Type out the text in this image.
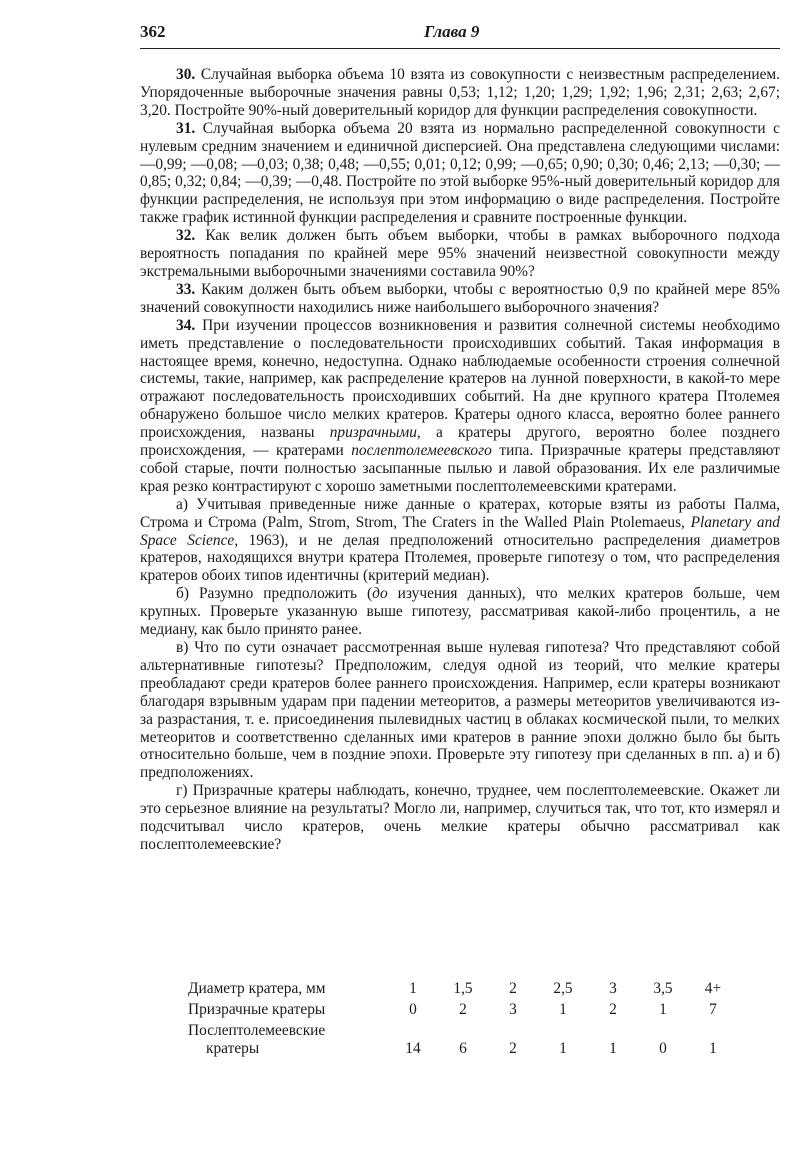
362	Глава 9

30. Случайная выборка объема 10 взята из совокупности с неизвестным распределением. Упорядоченные выборочные значения равны 0,53; 1,12; 1,20; 1,29; 1,92; 1,96; 2,31; 2,63; 2,67; 3,20. Постройте 90%-ный доверительный коридор для функции распределения совокупности.

31. Случайная выборка объема 20 взята из нормально распределенной совокупности с нулевым средним значением и единичной дисперсией. Она представлена следующими числами: —0,99; —0,08; —0,03; 0,38; 0,48; —0,55; 0,01; 0,12; 0,99; —0,65; 0,90; 0,30; 0,46; 2,13; —0,30; —0,85; 0,32; 0,84; —0,39; —0,48. Постройте по этой выборке 95%-ный доверительный коридор для функции распределения, не используя при этом информацию о виде распределения. Постройте также график истинной функции распределения и сравните построенные функции.

32. Как велик должен быть объем выборки, чтобы в рамках выборочного подхода вероятность попадания по крайней мере 95% значений неизвестной совокупности между экстремальными выборочными значениями составила 90%?

33. Каким должен быть объем выборки, чтобы с вероятностью 0,9 по крайней мере 85% значений совокупности находились ниже наибольшего выборочного значения?

34. При изучении процессов возникновения и развития солнечной системы необходимо иметь представление о последовательности происходивших событий. Такая информация в настоящее время, конечно, недоступна. Однако наблюдаемые особенности строения солнечной системы, такие, например, как распределение кратеров на лунной поверхности, в какой-то мере отражают последовательность происходивших событий. На дне крупного кратера Птолемея обнаружено большое число мелких кратеров. Кратеры одного класса, вероятно более раннего происхождения, названы призрачными, а кратеры другого, вероятно более позднего происхождения, — кратерами послептолемеевского типа. Призрачные кратеры представляют собой старые, почти полностью засыпанные пылью и лавой образования. Их еле различимые края резко контрастируют с хорошо заметными послептолемеевскими кратерами.

а) Учитывая приведенные ниже данные о кратерах, которые взяты из работы Палма, Строма и Строма (Palm, Strom, Strom, The Craters in the Walled Plain Ptolemaeus, Planetary and Space Science, 1963), и не делая предположений относительно распределения диаметров кратеров, находящихся внутри кратера Птолемея, проверьте гипотезу о том, что распределения кратеров обоих типов идентичны (критерий медиан).

б) Разумно предположить (до изучения данных), что мелких кратеров больше, чем крупных. Проверьте указанную выше гипотезу, рассматривая какой-либо процентиль, а не медиану, как было принято ранее.

в) Что по сути означает рассмотренная выше нулевая гипотеза? Что представляют собой альтернативные гипотезы? Предположим, следуя одной из теорий, что мелкие кратеры преобладают среди кратеров более раннего происхождения. Например, если кратеры возникают благодаря взрывным ударам при падении метеоритов, а размеры метеоритов увеличиваются из-за разрастания, т. е. присоединения пылевидных частиц в облаках космической пыли, то мелких метеоритов и соответственно сделанных ими кратеров в ранние эпохи должно было бы быть относительно больше, чем в поздние эпохи. Проверьте эту гипотезу при сделанных в пп. а) и б) предположениях.

г) Призрачные кратеры наблюдать, конечно, труднее, чем послептолемеевские. Окажет ли это серьезное влияние на результаты? Могло ли, например, случиться так, что тот, кто измерял и подсчитывал число кратеров, очень мелкие кратеры обычно рассматривал как послептолемеевские?

Диаметр кратера, мм	1	1,5	2	2,5	3	3,5	4+
Призрачные кратеры	0	2	3	1	2	1	7

Послептолемеевские
кратеры	14	6	2	1	1	0	1
